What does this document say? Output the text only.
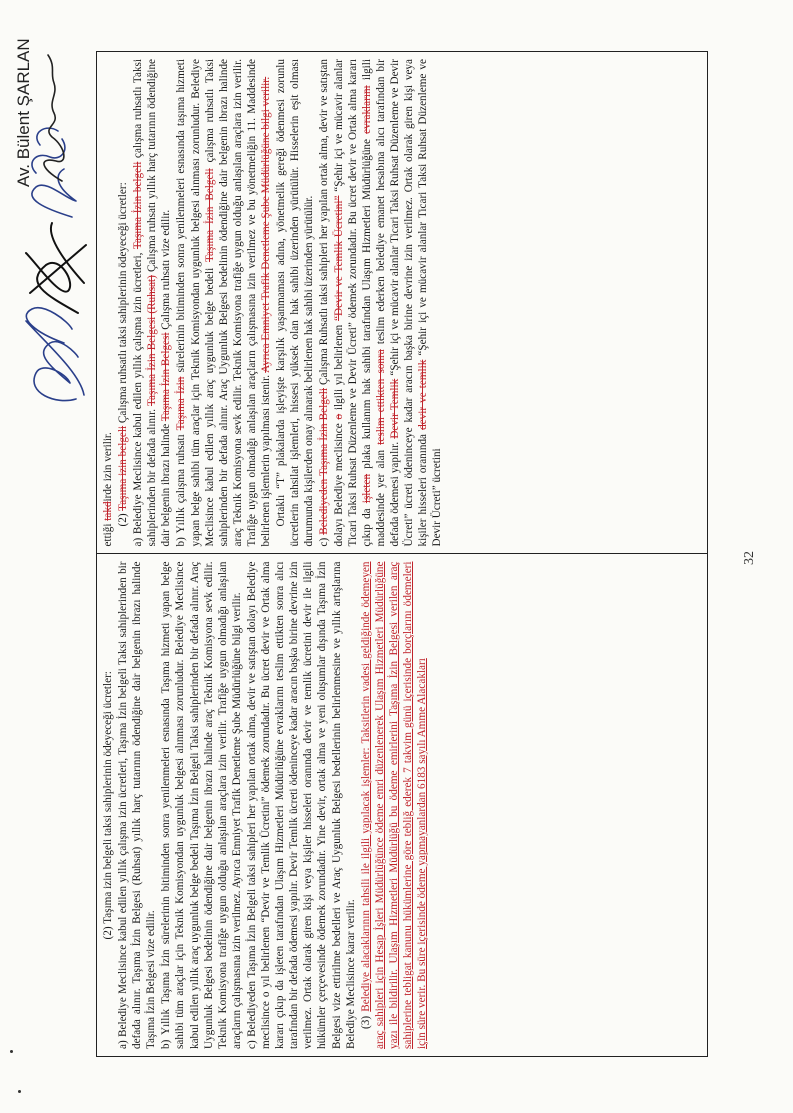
Av. Bülent ŞARLAN

(2) Taşıma izin belgeli taksi sahiplerinin ödeyeceği ücretler: a) Belediye Meclisince kabul edilen yıllık çalışma izin ücretleri, Taşıma İzin belgeli Taksi sahiplerinden bir defada alınır. Taşıma İzin Belgesi (Ruhsat) yıllık harç tutarının ödendiğine dair belgenin ibrazı halinde Taşıma İzin Belgesi vize edilir. b) Yıllık Taşıma İzin sürelerinin bitiminden sonra yenilenmeleri esnasında Taşıma hizmeti yapan belge sahibi tüm araçlar için Teknik Komisyondan uygunluk belgesi alınması zorunludur. Belediye Meclisince kabul edilen yıllık araç uygunluk belge bedeli Taşıma İzin Belgeli Taksi sahiplerinden bir defada alınır. Araç Uygunluk Belgesi bedelinin ödendiğine dair belgenin ibrazı halinde araç Teknik Komisyona sevk edilir. Teknik Komisyona trafiğe uygun olduğu anlaşılan araçlara izin verilir. Trafiğe uygun olmadığı anlaşılan araçların çalışmasına izin verilmez. Ayrıca Emniyet Trafik Denetleme Şube Müdürlüğüne bilgi verilir. c) Belediyeden Taşıma İzin Belgeli taksi sahipleri her yapılan ortak alma, devir ve satıştan dolayı Belediye meclisince o yıl belirlenen “Devir ve Temlik Ücretini” ödemek zorundadır. Bu ücret devir ve Ortak alma kararı çıkıp da işleten tarafından Ulaşım Hizmetleri Müdürlüğüne evraklarını teslim ettikten sonra alıcı tarafından bir defada ödemesi yapılır. Devir Temlik ücreti ödeninceye kadar aracın başka birine devrine izin verilmez. Ortak olarak giren kişi veya kişiler hisseleri oranında devir ve temlik ücretini devir ile ilgili hükümler çerçevesinde ödemek zorundadır. Yine devir, ortak alma ve yeni oluşumlar dışında Taşıma İzin Belgesi vize ettirilme bedelleri ve Araç Uygunluk Belgesi bedellerinin belirlenmesine ve yıllık artışlarına Belediye Meclisince karar verilir. (3) Belediye alacaklarının tahsili ile ilgili yapılacak işlemler: Taksitlerin vadesi geldiğinde ödemeyen araç sahipleri için Hesap İşleri Müdürlüğünce ödeme emri düzenlenerek Ulaşım Hizmetleri Müdürlüğüne yazı ile bildirilir. Ulaşım Hizmetleri Müdürlüğü bu ödeme emirlerini Taşıma İzin Belgesi verilen araç sahiplerine tebligat kanunu hükümlerine göre tebliğ ederek 7 takvim günü içerisinde borçlarını ödemeleri için süre verir. Bu süre içerisinde ödeme yapmayanlardan 6183 sayılı Amme Alacakları

ettiği takdirde izin verilir.

(2) Taşıma izin belgeli Çalışma ruhsatlı taksi sahiplerinin ödeyeceği ücretler: a) Belediye Meclisince kabul edilen yıllık çalışma izin ücretleri, Taşıma İzin belgeli çalışma ruhsatlı Taksi sahiplerinden bir defada alınır. Taşıma İzin Belgesi (Ruhsat) Çalışma ruhsatı yıllık harç tutarının ödendiğine dair belgenin ibrazı halinde Taşıma İzin Belgesi Çalışma ruhsatı vize edilir.

b) Yıllık çalışma ruhsatı Taşıma İzin sürelerinin bitiminden sonra yenilenmeleri esnasında taşıma hizmeti yapan belge sahibi tüm araçlar için Teknik Komisyondan uygunluk belgesi alınması zorunludur. Belediye Meclisince kabul edilen yıllık araç uygunluk belge bedeli Taşıma İzin Belgeli çalışma ruhsatlı Taksi sahiplerinden bir defada alınır. Araç Uygunluk Belgesi bedelinin ödendiğine dair belgenin ibrazı halinde araç Teknik Komisyona sevk edilir. Teknik Komisyona trafiğe uygun olduğu anlaşılan araçlara izin verilir. Trafiğe uygun olmadığı anlaşılan araçların çalışmasına izin verilmez ve bu yönetmeliğin 11. Maddesinde belirlenen işlemlerin yapılması istenir. Ayrıca Emniyet Trafik Denetleme Şube Müdürlüğüne bilgi verilir. Ortaklı “T” plakalarda işleyişte karşılık yaşanmaması adına, yönetmelik gereği ödenmesi zorunlu ücretlerin tahsilat işlemleri, hissesi yüksek olan hak sahibi üzerinden yürütülür. Hisselerin eşit olması durumunda kişilerden onay alınarak belirlenen hak sahibi üzerinden yürütülür. c) Belediyeden Taşıma İzin Belgeli Çalışma Ruhsatlı taksi sahipleri her yapılan ortak alma, devir ve satıştan dolayı Belediye meclisince o ilgili yıl belirlenen “Devir ve Temlik Ücretini” “Şehir içi ve mücavir alanlar Ticari Taksi Ruhsat Düzenleme ve Devir Ücreti” ödemek zorundadır. Bu ücret devir ve Ortak alma kararı çıkıp da işleten plaka kullanım hak sahibi tarafından Ulaşım Hizmetleri Müdürlüğüne evraklarını ilgili maddesinde yer alan teslim ettikten sonra teslim ederken belediye emanet hesabına alıcı tarafından bir defada ödemesi yapılır. Devir Temlik “Şehir içi ve mücavir alanlar Ticari Taksi Ruhsat Düzenleme ve Devir Ücreti” ücreti ödeninceye kadar aracın başka birine devrine izin verilmez. Ortak olarak giren kişi veya kişiler hisseleri oranında devir ve temlik “Şehir içi ve mücavir alanlar Ticari Taksi Ruhsat Düzenleme ve Devir Ücreti” ücretini

32
